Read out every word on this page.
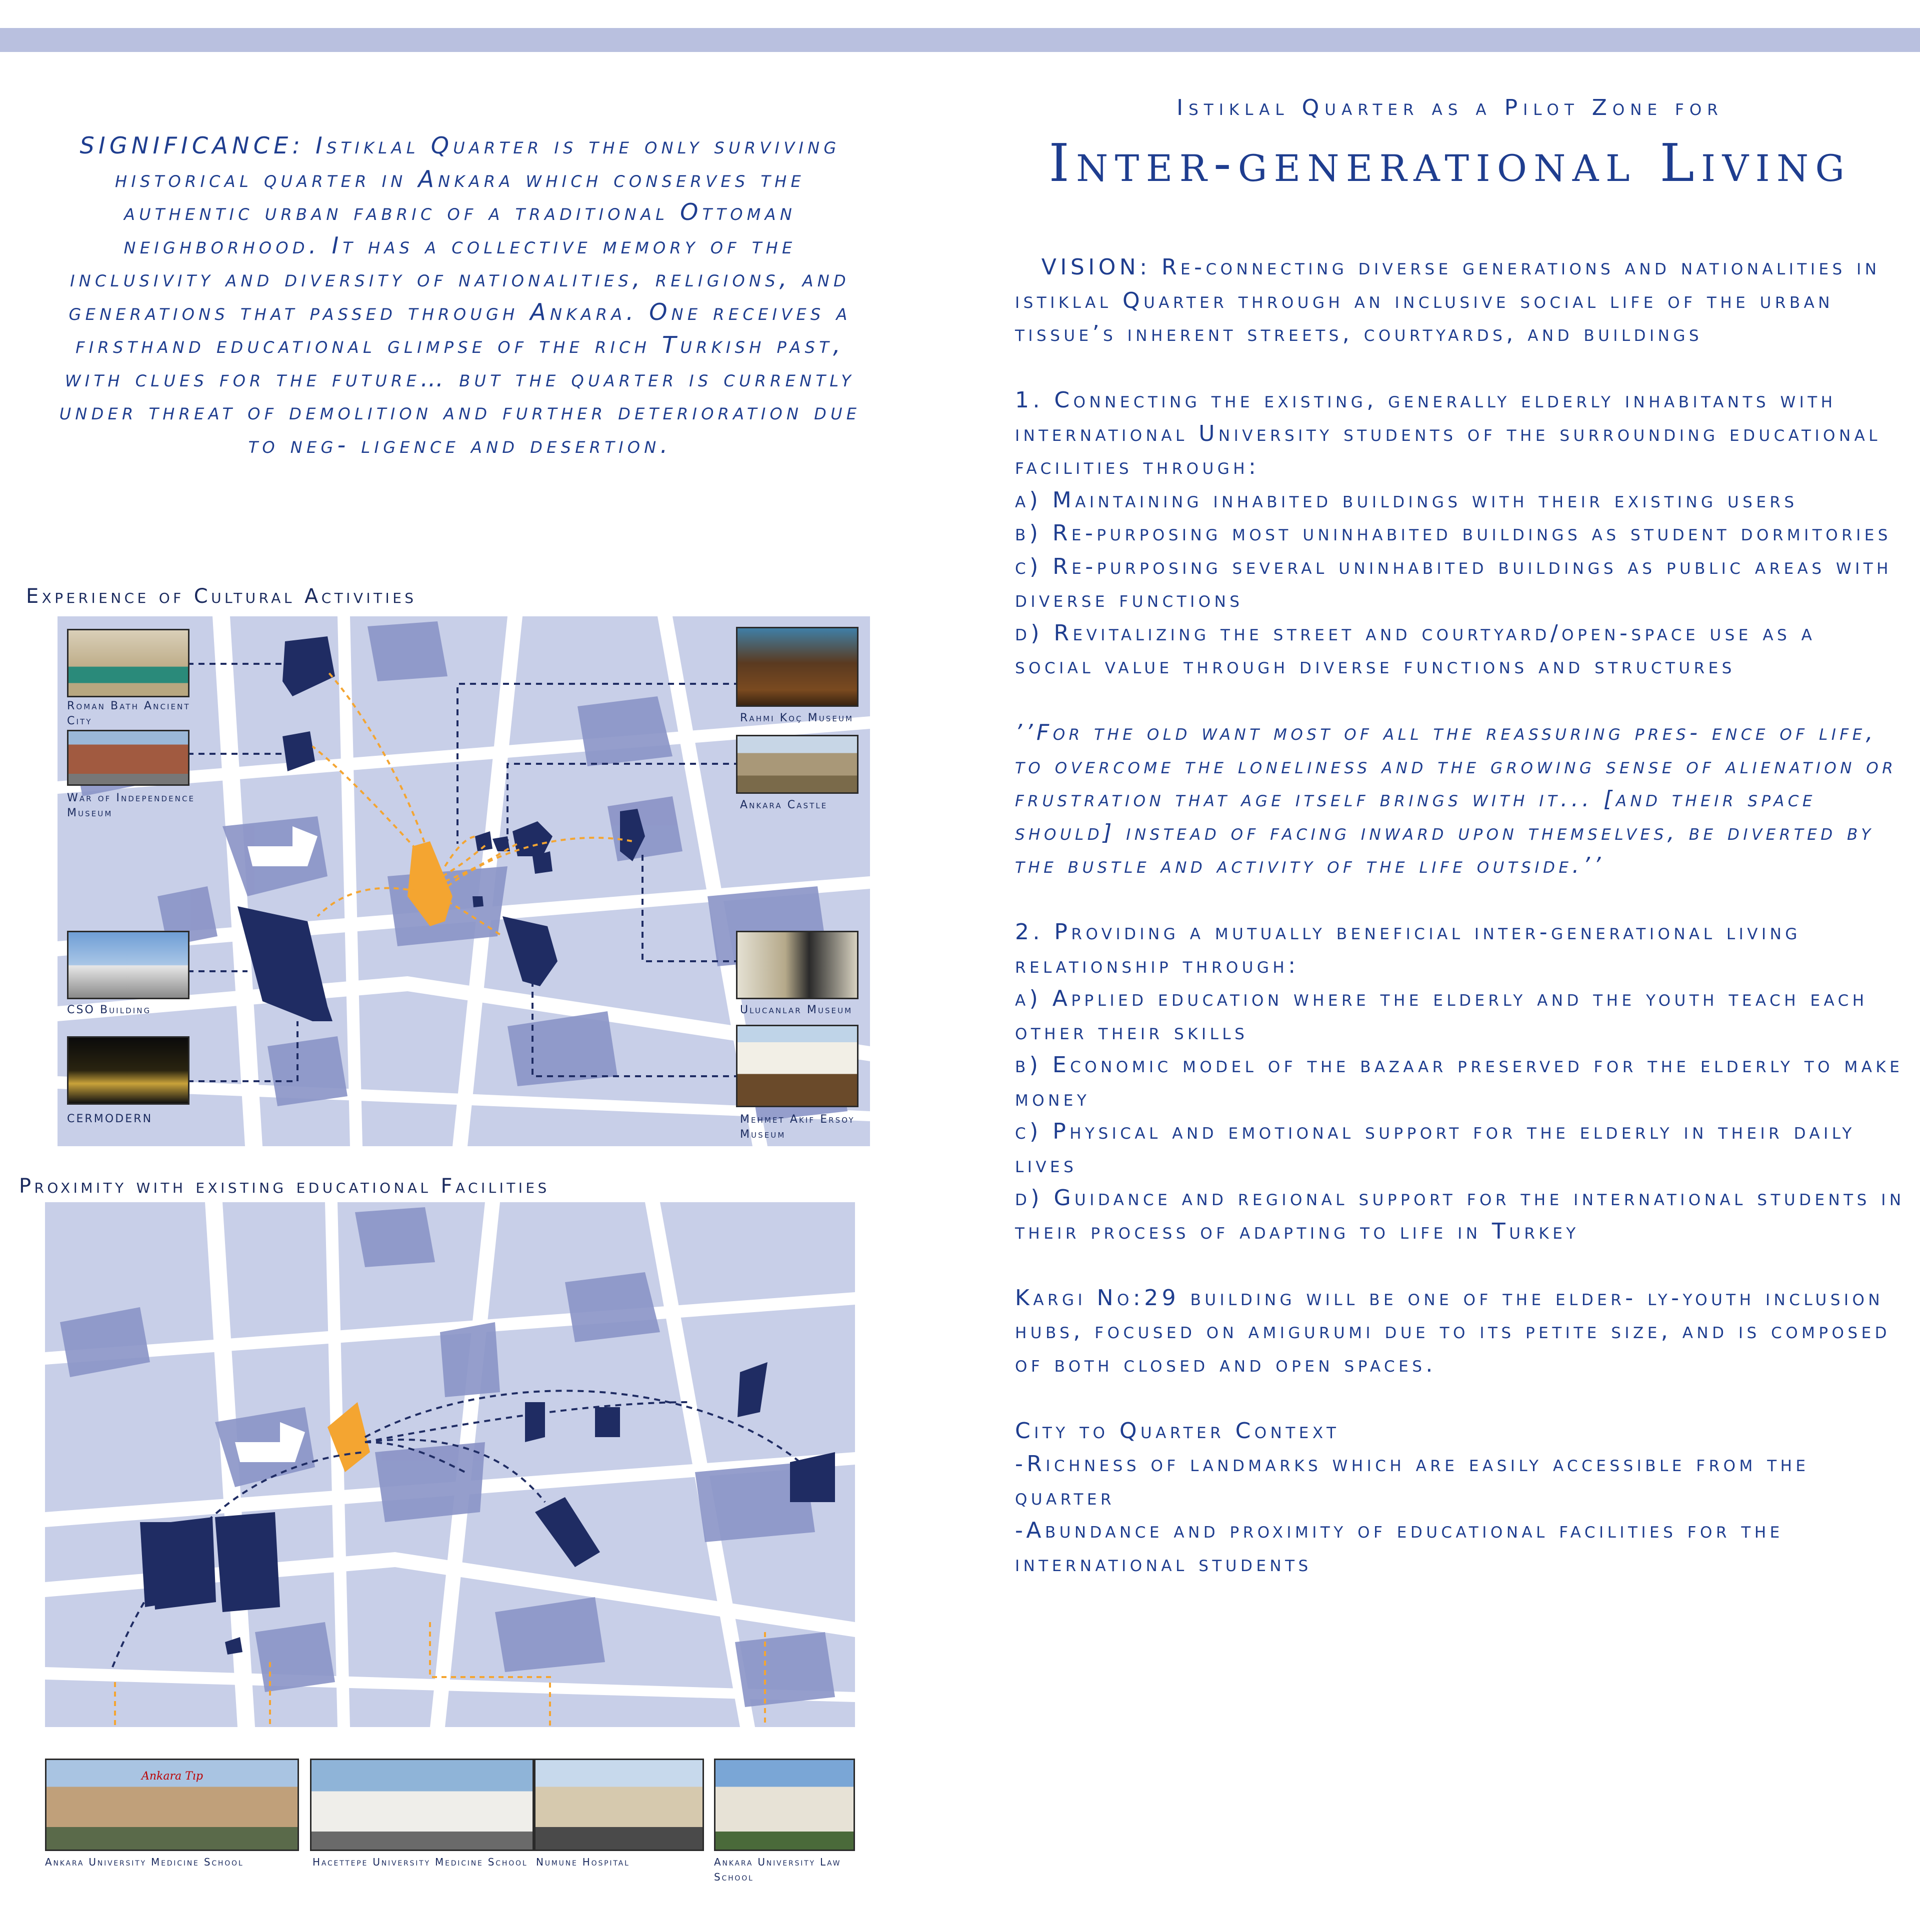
SIGNIFICANCE: Istiklal Quarter is the only surviving historical quarter in Ankara which conserves the authentic urban fabric of a traditional Ottoman neighborhood. It has a collective memory of the inclusivity and diversity of nationalities, religions, and generations that passed through Ankara. One receives a firsthand educational glimpse of the rich Turkish past, with clues for the future… but the quarter is currently under threat of demolition and further deterioration due to neg- ligence and desertion.
Experience of Cultural Activities
Roman Bath Ancient City
War of Independence Museum
CSO Building
CERMODERN
Rahmi Koç Museum
Ankara Castle
Ulucanlar Museum
Mehmet Akif Ersoy Museum
Proximity with existing educational Facilities
Ankara Tıp
Ankara University Medicine School	Hacettepe University Medicine School Numune Hospital	Ankara University Law School
Istiklal Quarter as a Pilot Zone for
Inter-generational Living

VISION: Re-connecting diverse generations and nationalities in istiklal Quarter through an inclusive social life of the urban tissue’s inherent streets, courtyards, and buildings

1. Connecting the existing, generally elderly inhabitants with international University students of the surrounding educational facilities through:

a) Maintaining inhabited buildings with their existing users

b) Re-purposing most uninhabited buildings as student dormitories

c) Re-purposing several uninhabited buildings as public areas with diverse functions

d) Revitalizing the street and courtyard/open-space use as a social value through diverse functions and structures

’’For the old want most of all the reassuring pres- ence of life, to overcome the loneliness and the growing sense of alienation or frustration that age itself brings with it... [and their space should] instead of facing inward upon themselves, be diverted by the bustle and activity of the life outside.’’

2. Providing a mutually beneficial inter-generational living relationship through:

a) Applied education where the elderly and the youth teach each other their skills

b) Economic model of the bazaar preserved for the elderly to make money

c) Physical and emotional support for the elderly in their daily lives

d) Guidance and regional support for the international students in their process of adapting to life in Turkey

Kargi No:29 building will be one of the elder- ly-youth inclusion hubs, focused on amigurumi due to its petite size, and is composed of both closed and open spaces.

City to Quarter Context

-Richness of landmarks which are easily accessible from the quarter

-Abundance and proximity of educational facilities for the international students
